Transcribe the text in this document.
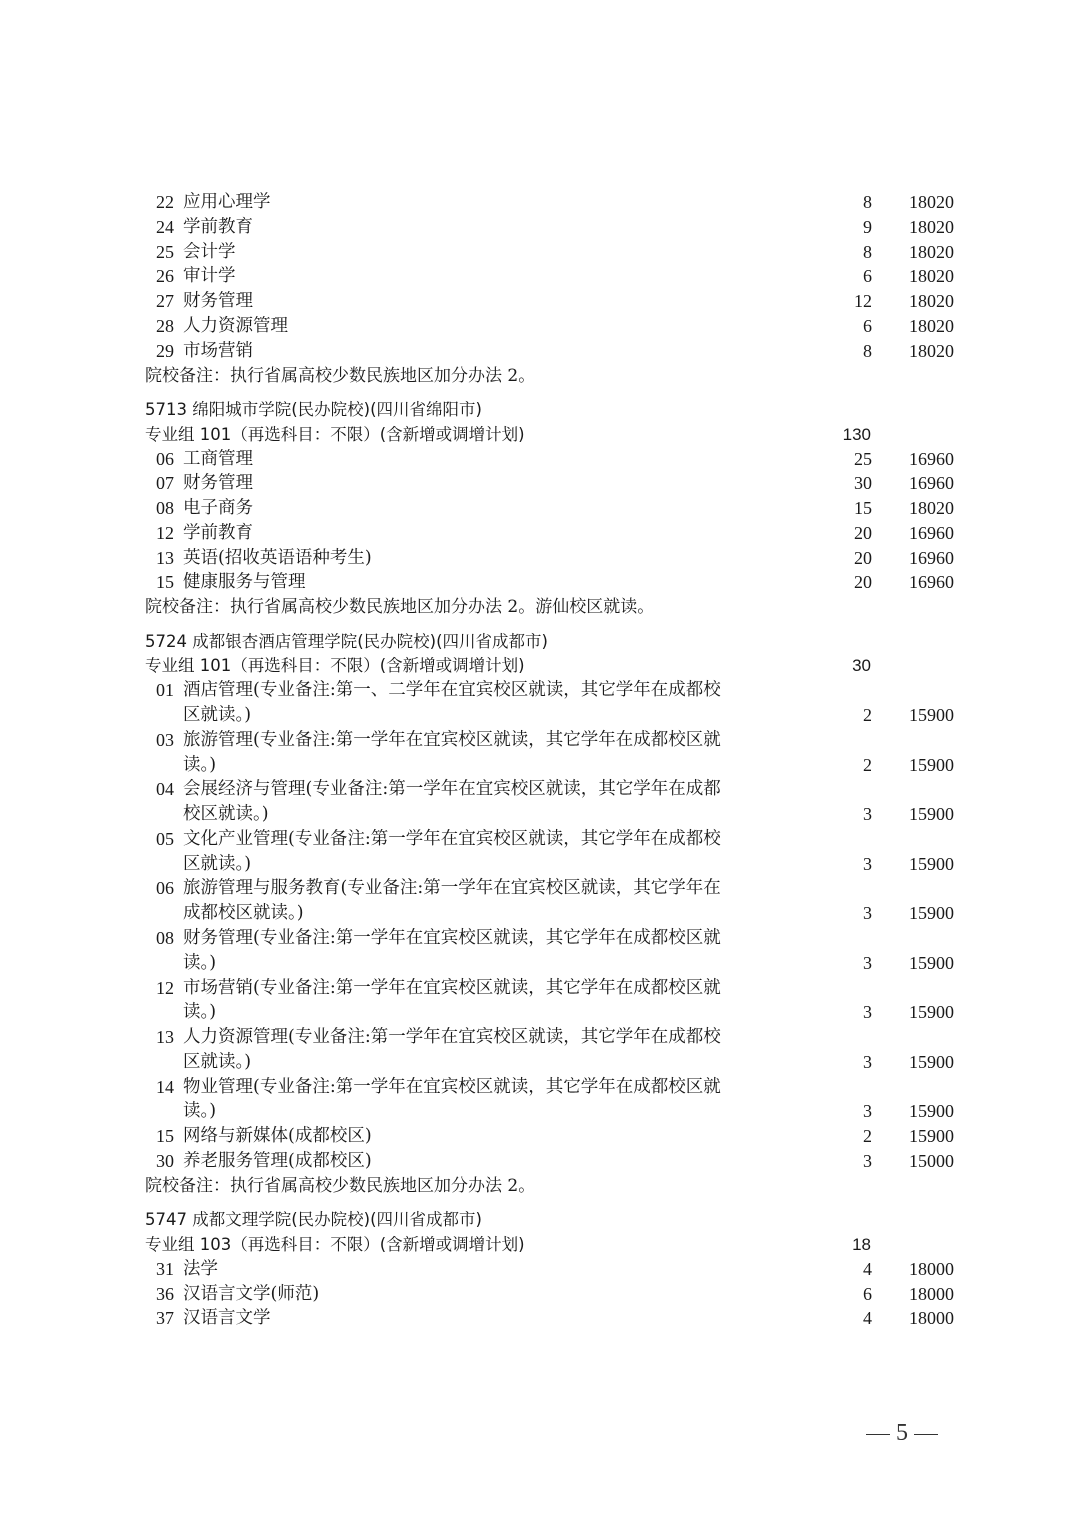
22 应用心理学	8	18020
24 学前教育	9	18020
25 会计学	8	18020
26 审计学	6	18020
27 财务管理	12	18020
28 人力资源管理	6	18020
29 市场营销	8	18020
院校备注：执行省属高校少数民族地区加分办法 2。
5713 绵阳城市学院(民办院校)(四川省绵阳市)
专业组 101（再选科目：不限）(含新增或调增计划)	130
06 工商管理	25	16960
07 财务管理	30	16960
08 电子商务	15	18020
12 学前教育	20	16960
13 英语(招收英语语种考生)	20	16960
15 健康服务与管理	20	16960
院校备注：执行省属高校少数民族地区加分办法 2。游仙校区就读。
5724 成都银杏酒店管理学院(民办院校)(四川省成都市)
专业组 101（再选科目：不限）(含新增或调增计划)	30
01 酒店管理(专业备注:第一、二学年在宜宾校区就读，其它学年在成都校
区就读。)	2	15900
03 旅游管理(专业备注:第一学年在宜宾校区就读，其它学年在成都校区就
读。)	2	15900
04 会展经济与管理(专业备注:第一学年在宜宾校区就读，其它学年在成都
校区就读。)	3	15900
05 文化产业管理(专业备注:第一学年在宜宾校区就读，其它学年在成都校
区就读。)	3	15900
06 旅游管理与服务教育(专业备注:第一学年在宜宾校区就读，其它学年在
成都校区就读。)	3	15900
08 财务管理(专业备注:第一学年在宜宾校区就读，其它学年在成都校区就
读。)	3	15900
12 市场营销(专业备注:第一学年在宜宾校区就读，其它学年在成都校区就
读。)	3	15900
13 人力资源管理(专业备注:第一学年在宜宾校区就读，其它学年在成都校
区就读。)	3	15900
14 物业管理(专业备注:第一学年在宜宾校区就读，其它学年在成都校区就
读。)	3	15900
15 网络与新媒体(成都校区)	2	15900
30 养老服务管理(成都校区)	3	15000
院校备注：执行省属高校少数民族地区加分办法 2。
5747 成都文理学院(民办院校)(四川省成都市)
专业组 103（再选科目：不限）(含新增或调增计划)	18
31 法学	4	18000
36 汉语言文学(师范)	6	18000
37 汉语言文学	4	18000
5
